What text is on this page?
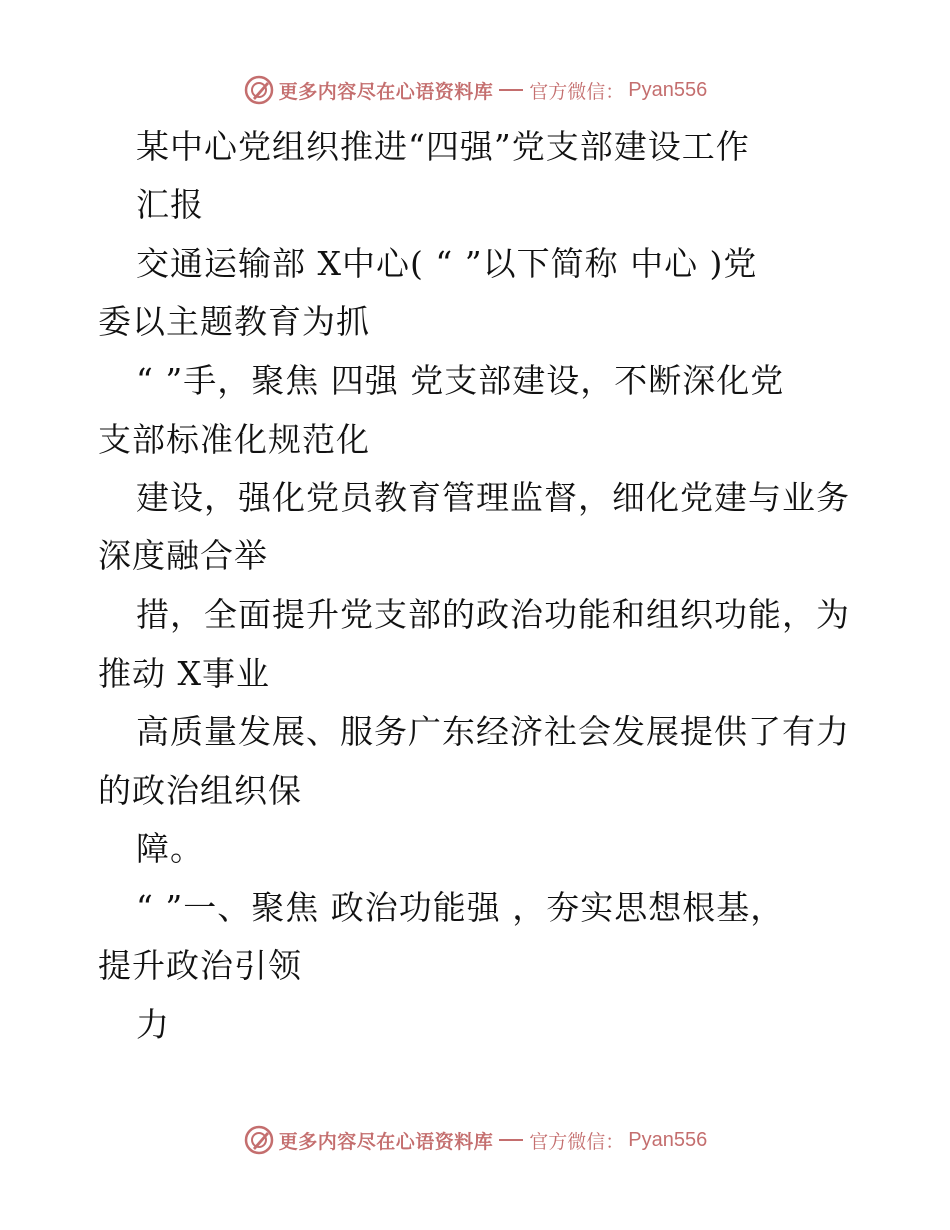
更多内容尽在心语资料库 官方微信： Pyan556
某中心党组织推进“四强”党支部建设工作
汇报
交通运输部 X中心( “ ”以下简称 中心 )党
委以主题教育为抓
“ ”手，聚焦 四强 党支部建设，不断深化党
支部标准化规范化
建设，强化党员教育管理监督，细化党建与业务
深度融合举
措，全面提升党支部的政治功能和组织功能，为
推动 X事业
高质量发展、服务广东经济社会发展提供了有力
的政治组织保
障。
“ ”一、聚焦 政治功能强 ，夯实思想根基，
提升政治引领
力
更多内容尽在心语资料库 官方微信： Pyan556
